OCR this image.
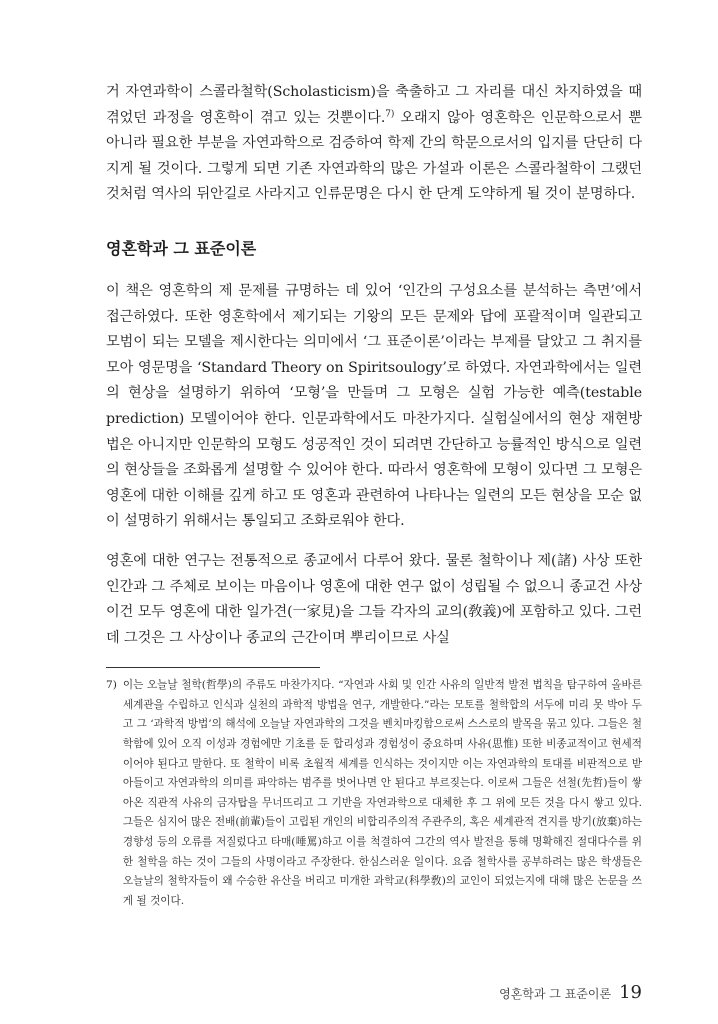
거 자연과학이 스콜라철학(Scholasticism)을 축출하고 그 자리를 대신 차지하였을 때 겪었던 과정을 영혼학이 겪고 있는 것뿐이다.$^{7)}$ 오래지 않아 영혼학은 인문학으로서 뿐 아니라 필요한 부분을 자연과학으로 검증하여 학제 간의 학문으로서의 입지를 단단히 다지게 될 것이다. 그렇게 되면 기존 자연과학의 많은 가설과 이론은 스콜라철학이 그랬던 것처럼 역사의 뒤안길로 사라지고 인류문명은 다시 한 단계 도약하게 될 것이 분명하다.

영혼학과 그 표준이론

이 책은 영혼학의 제 문제를 규명하는 데 있어 ‘인간의 구성요소를 분석하는 측면’에서 접근하였다. 또한 영혼학에서 제기되는 기왕의 모든 문제와 답에 포괄적이며 일관되고 모범이 되는 모델을 제시한다는 의미에서 ‘그 표준이론’이라는 부제를 달았고 그 취지를 모아 영문명을 ‘Standard Theory on Spiritsoulogy’로 하였다. 자연과학에서는 일련의 현상을 설명하기 위하여 ‘모형’을 만들며 그 모형은 실험 가능한 예측(testable prediction) 모델이어야 한다. 인문과학에서도 마찬가지다. 실험실에서의 현상 재현방법은 아니지만 인문학의 모형도 성공적인 것이 되려면 간단하고 능률적인 방식으로 일련의 현상들을 조화롭게 설명할 수 있어야 한다. 따라서 영혼학에 모형이 있다면 그 모형은 영혼에 대한 이해를 깊게 하고 또 영혼과 관련하여 나타나는 일련의 모든 현상을 모순 없이 설명하기 위해서는 통일되고 조화로워야 한다.

영혼에 대한 연구는 전통적으로 종교에서 다루어 왔다. 물론 철학이나 제(諸) 사상 또한 인간과 그 주체로 보이는 마음이나 영혼에 대한 연구 없이 성립될 수 없으니 종교건 사상이건 모두 영혼에 대한 일가견(一家見)을 그들 각자의 교의(敎義)에 포함하고 있다. 그런데 그것은 그 사상이나 종교의 근간이며 뿌리이므로 사실

7) 이는 오늘날 철학(哲學)의 주류도 마찬가지다. “자연과 사회 및 인간 사유의 일반적 발전 법칙을 탐구하여 올바른 세계관을 수립하고 인식과 실천의 과학적 방법을 연구, 개발한다.”라는 모토를 철학합의 서두에 미리 못 박아 두고 그 ‘과학적 방법’의 해석에 오늘날 자연과학의 그것을 벤치마킹함으로써 스스로의 발목을 묶고 있다. 그들은 철학함에 있어 오직 이성과 경험에만 기초를 둔 합리성과 경험성이 중요하며 사유(思惟) 또한 비종교적이고 현세적이어야 된다고 말한다. 또 철학이 비록 초월적 세계를 인식하는 것이지만 이는 자연과학의 토대를 비판적으로 받아들이고 자연과학의 의미를 파악하는 범주를 벗어나면 안 된다고 부르짖는다. 이로써 그들은 선철(先哲)들이 쌓아온 직관적 사유의 금자탑을 무너뜨리고 그 기반을 자연과학으로 대체한 후 그 위에 모든 것을 다시 쌓고 있다. 그들은 심지어 많은 전배(前輩)들이 고립된 개인의 비합리주의적 주관주의, 혹은 세계관적 견지를 방기(放棄)하는 경향성 등의 오류를 저질렀다고 타매(唾罵)하고 이를 척결하여 그간의 역사 발전을 통해 명확해진 절대다수를 위한 철학을 하는 것이 그들의 사명이라고 주장한다. 한심스러운 일이다. 요즘 철학사를 공부하려는 많은 학생들은 오늘날의 철학자들이 왜 수승한 유산을 버리고 미개한 과학교(科學敎)의 교인이 되었는지에 대해 많은 논문을 쓰게 될 것이다.
영혼학과 그 표준이론 19
